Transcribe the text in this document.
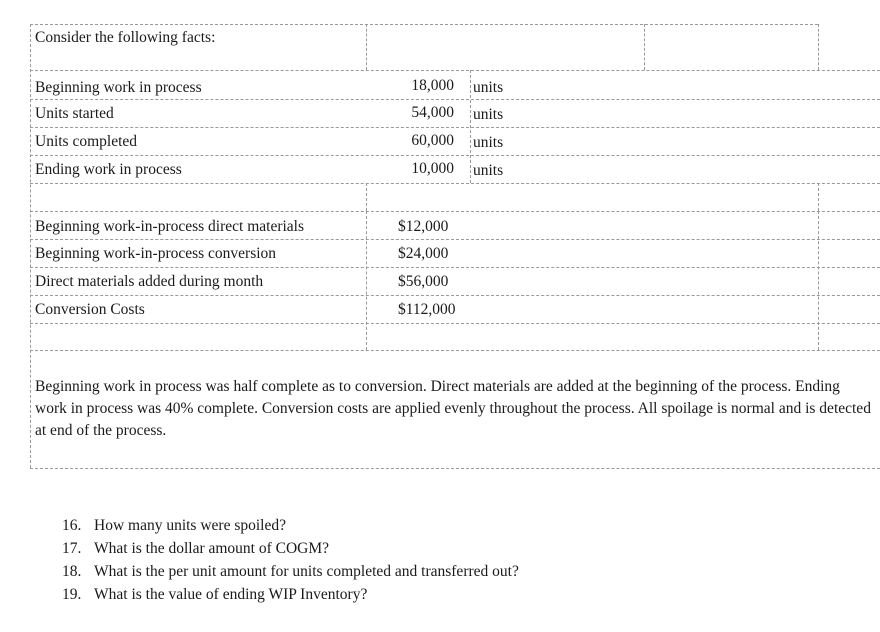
Consider the following facts:
Beginning work in process	18,000 units
Units started	54,000 units
Units completed	60,000 units
Ending work in process	10,000 units
Beginning work-in-process direct materials	$12,000
Beginning work-in-process conversion	$24,000
Direct materials added during month	$56,000
Conversion Costs	$112,000
Beginning work in process was half complete as to conversion. Direct materials are added at the beginning of the process. Ending work in process was 40% complete. Conversion costs are applied evenly throughout the process. All spoilage is normal and is detected at end of the process.
16. How many units were spoiled?
17. What is the dollar amount of COGM?
18. What is the per unit amount for units completed and transferred out?
19. What is the value of ending WIP Inventory?
